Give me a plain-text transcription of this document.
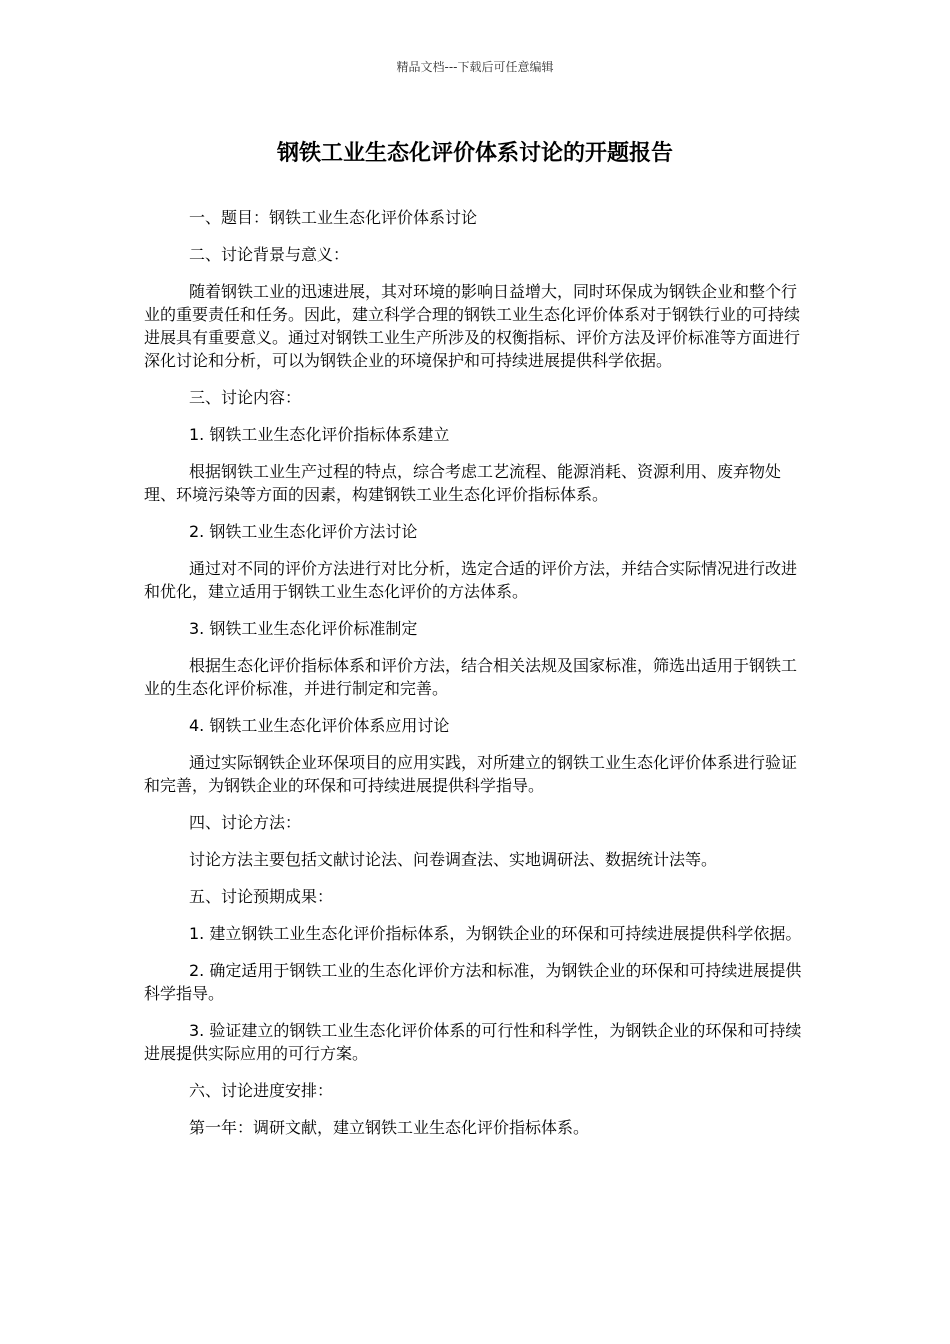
精品文档---下载后可任意编辑
钢铁工业生态化评价体系讨论的开题报告

一、题目：钢铁工业生态化评价体系讨论

二、讨论背景与意义：

随着钢铁工业的迅速进展，其对环境的影响日益增大，同时环保成为钢铁企业和整个行业的重要责任和任务。因此，建立科学合理的钢铁工业生态化评价体系对于钢铁行业的可持续进展具有重要意义。通过对钢铁工业生产所涉及的权衡指标、评价方法及评价标准等方面进行深化讨论和分析，可以为钢铁企业的环境保护和可持续进展提供科学依据。

三、讨论内容：

1. 钢铁工业生态化评价指标体系建立

根据钢铁工业生产过程的特点，综合考虑工艺流程、能源消耗、资源利用、废弃物处理、环境污染等方面的因素，构建钢铁工业生态化评价指标体系。

2. 钢铁工业生态化评价方法讨论

通过对不同的评价方法进行对比分析，选定合适的评价方法，并结合实际情况进行改进和优化，建立适用于钢铁工业生态化评价的方法体系。

3. 钢铁工业生态化评价标准制定

根据生态化评价指标体系和评价方法，结合相关法规及国家标准，筛选出适用于钢铁工业的生态化评价标准，并进行制定和完善。

4. 钢铁工业生态化评价体系应用讨论

通过实际钢铁企业环保项目的应用实践，对所建立的钢铁工业生态化评价体系进行验证和完善，为钢铁企业的环保和可持续进展提供科学指导。

四、讨论方法：

讨论方法主要包括文献讨论法、问卷调查法、实地调研法、数据统计法等。

五、讨论预期成果：

1. 建立钢铁工业生态化评价指标体系，为钢铁企业的环保和可持续进展提供科学依据。

2. 确定适用于钢铁工业的生态化评价方法和标准，为钢铁企业的环保和可持续进展提供科学指导。

3. 验证建立的钢铁工业生态化评价体系的可行性和科学性，为钢铁企业的环保和可持续进展提供实际应用的可行方案。

六、讨论进度安排：

第一年：调研文献，建立钢铁工业生态化评价指标体系。
